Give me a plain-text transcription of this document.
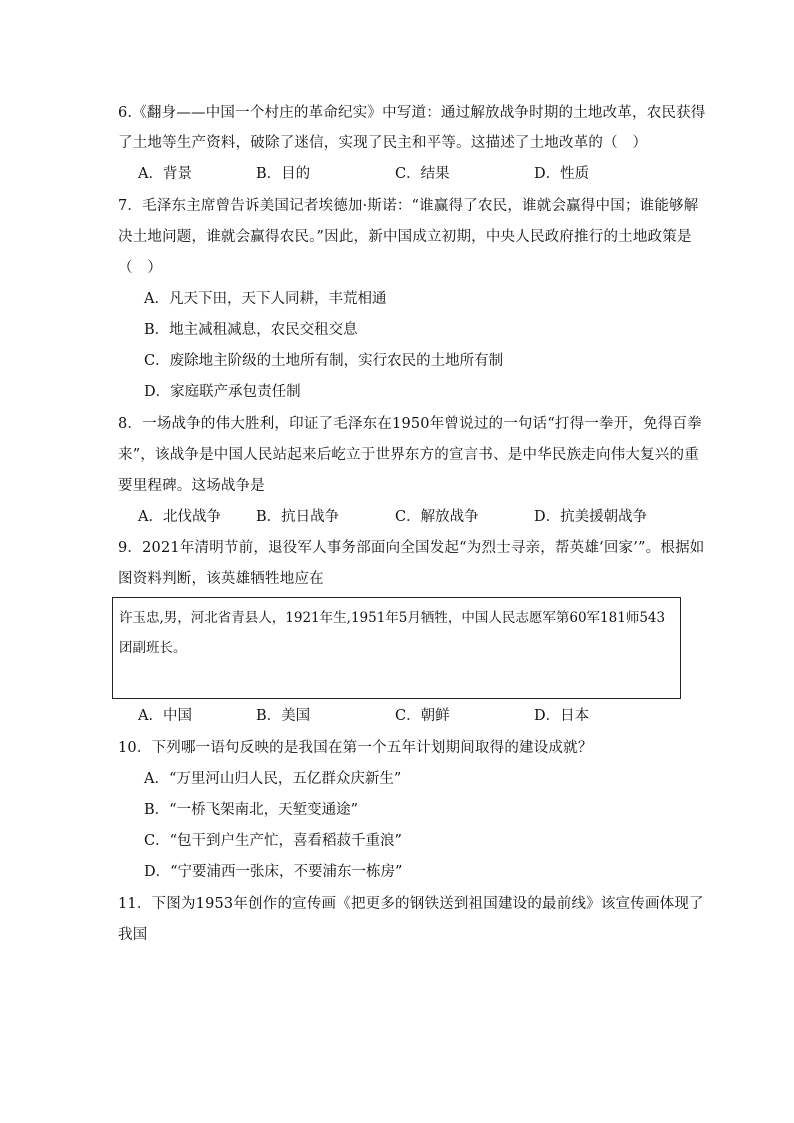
6.《翻身——中国一个村庄的革命纪实》中写道：通过解放战争时期的土地改革，农民获得
了土地等生产资料，破除了迷信，实现了民主和平等。这描述了土地改革的（　）
A．背景	B．目的	C．结果	D．性质
7．毛泽东主席曾告诉美国记者埃德加·斯诺：“谁赢得了农民，谁就会赢得中国；谁能够解
决土地问题，谁就会赢得农民。”因此，新中国成立初期，中央人民政府推行的土地政策是
（　）
A．凡天下田，天下人同耕，丰荒相通
B．地主减租减息，农民交租交息
C．废除地主阶级的土地所有制，实行农民的土地所有制
D．家庭联产承包责任制
8．一场战争的伟大胜利，印证了毛泽东在1950年曾说过的一句话“打得一拳开，免得百拳
来”，该战争是中国人民站起来后屹立于世界东方的宣言书、是中华民族走向伟大复兴的重
要里程碑。这场战争是
A．北伐战争 B．抗日战争	C．解放战争	D．抗美援朝战争
9．2021年清明节前，退役军人事务部面向全国发起“为烈士寻亲，帮英雄‘回家’”。根据如
图资料判断，该英雄牺牲地应在
许玉忠,男，河北省青县人，1921年生,1951年5月牺牲，中国人民志愿军第60军181师543
团副班长。
A．中国	B．美国	C．朝鲜	D．日本
10．下列哪一语句反映的是我国在第一个五年计划期间取得的建设成就？
A．“万里河山归人民，五亿群众庆新生”
B．“一桥飞架南北，天堑变通途”
C．“包干到户生产忙，喜看稻菽千重浪”
D．“宁要浦西一张床，不要浦东一栋房”
11．下图为1953年创作的宣传画《把更多的钢铁送到祖国建设的最前线》该宣传画体现了
我国
